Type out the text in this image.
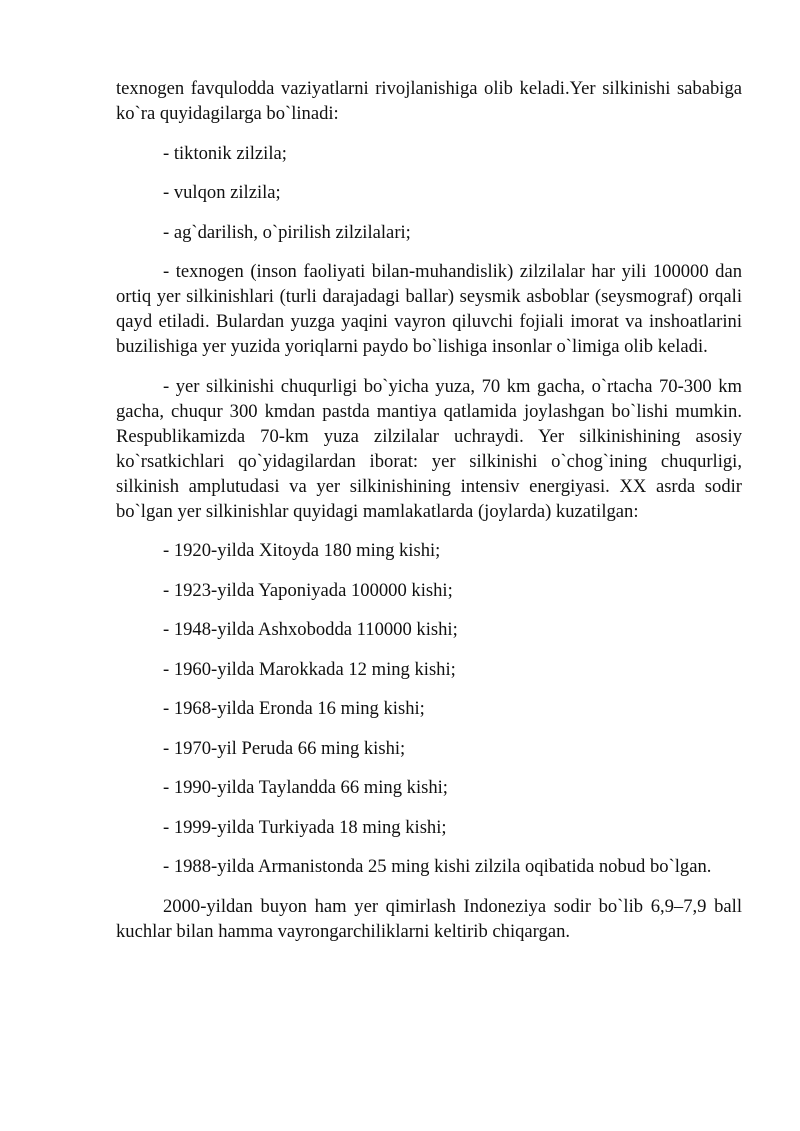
texnogen favqulodda vaziyatlarni rivojlanishiga olib keladi.Yer silkinishi sababiga ko`ra quyidagilarga bo`linadi:

- tiktonik zilzila;

- vulqon zilzila;

- ag`darilish, o`pirilish zilzilalari;

- texnogen (inson faoliyati bilan-muhandislik) zilzilalar har yili 100000 dan ortiq yer silkinishlari (turli darajadagi ballar) seysmik asboblar (seysmograf) orqali qayd etiladi. Bulardan yuzga yaqini vayron qiluvchi fojiali imorat va inshoatlarini buzilishiga yer yuzida yoriqlarni paydo bo`lishiga insonlar o`limiga olib keladi.

- yer silkinishi chuqurligi bo`yicha yuza, 70 km gacha, o`rtacha 70-300 km gacha, chuqur 300 kmdan pastda mantiya qatlamida joylashgan bo`lishi mumkin. Respublikamizda 70-km yuza zilzilalar uchraydi. Yer silkinishining asosiy ko`rsatkichlari qo`yidagilardan iborat: yer silkinishi o`chog`ining chuqurligi, silkinish amplutudasi va yer silkinishining intensiv energiyasi. XX asrda sodir bo`lgan yer silkinishlar quyidagi mamlakatlarda (joylarda) kuzatilgan:

- 1920-yilda Xitoyda 180 ming kishi;

- 1923-yilda Yaponiyada 100000 kishi;

- 1948-yilda Ashxobodda 110000 kishi;

- 1960-yilda Marokkada 12 ming kishi;

- 1968-yilda Eronda 16 ming kishi;

- 1970-yil Peruda 66 ming kishi;

- 1990-yilda Taylandda 66 ming kishi;

- 1999-yilda Turkiyada 18 ming kishi;

- 1988-yilda Armanistonda 25 ming kishi zilzila oqibatida nobud bo`lgan.

2000-yildan buyon ham yer qimirlash Indoneziya sodir bo`lib 6,9–7,9 ball kuchlar bilan hamma vayrongarchiliklarni keltirib chiqargan.
